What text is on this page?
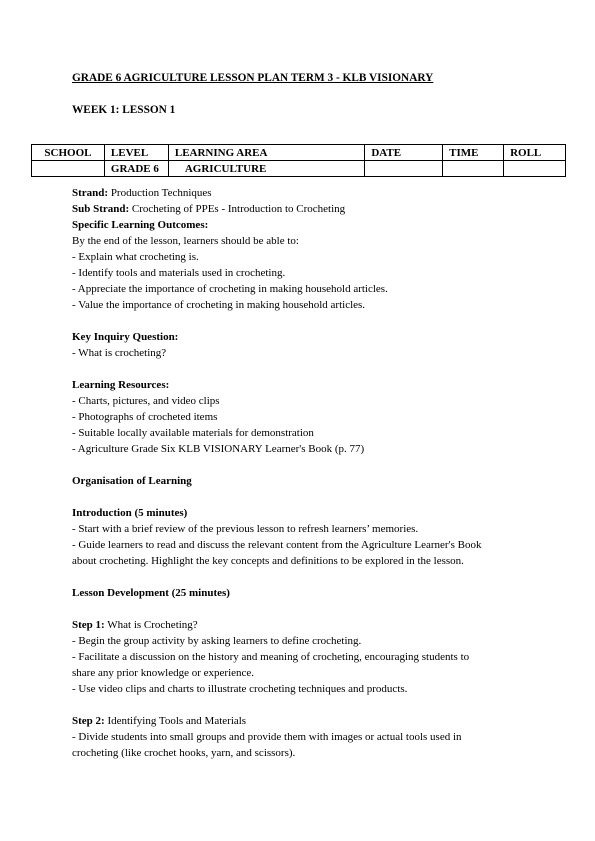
GRADE 6 AGRICULTURE LESSON PLAN TERM 3 - KLB VISIONARY
WEEK 1: LESSON 1
SCHOOL	LEVEL	LEARNING AREA	DATE	TIME	ROLL
	GRADE 6	AGRICULTURE			
Strand: Production Techniques
Sub Strand: Crocheting of PPEs - Introduction to Crocheting
Specific Learning Outcomes:
By the end of the lesson, learners should be able to:
- Explain what crocheting is.
- Identify tools and materials used in crocheting.
- Appreciate the importance of crocheting in making household articles.
- Value the importance of crocheting in making household articles.
Key Inquiry Question:
- What is crocheting?
Learning Resources:
- Charts, pictures, and video clips
- Photographs of crocheted items
- Suitable locally available materials for demonstration
- Agriculture Grade Six KLB VISIONARY Learner's Book (p. 77)
Organisation of Learning
Introduction (5 minutes)
- Start with a brief review of the previous lesson to refresh learners’ memories.
- Guide learners to read and discuss the relevant content from the Agriculture Learner's Book
about crocheting. Highlight the key concepts and definitions to be explored in the lesson.
Lesson Development (25 minutes)
Step 1: What is Crocheting?
- Begin the group activity by asking learners to define crocheting.
- Facilitate a discussion on the history and meaning of crocheting, encouraging students to
share any prior knowledge or experience.
- Use video clips and charts to illustrate crocheting techniques and products.
Step 2: Identifying Tools and Materials
- Divide students into small groups and provide them with images or actual tools used in
crocheting (like crochet hooks, yarn, and scissors).
